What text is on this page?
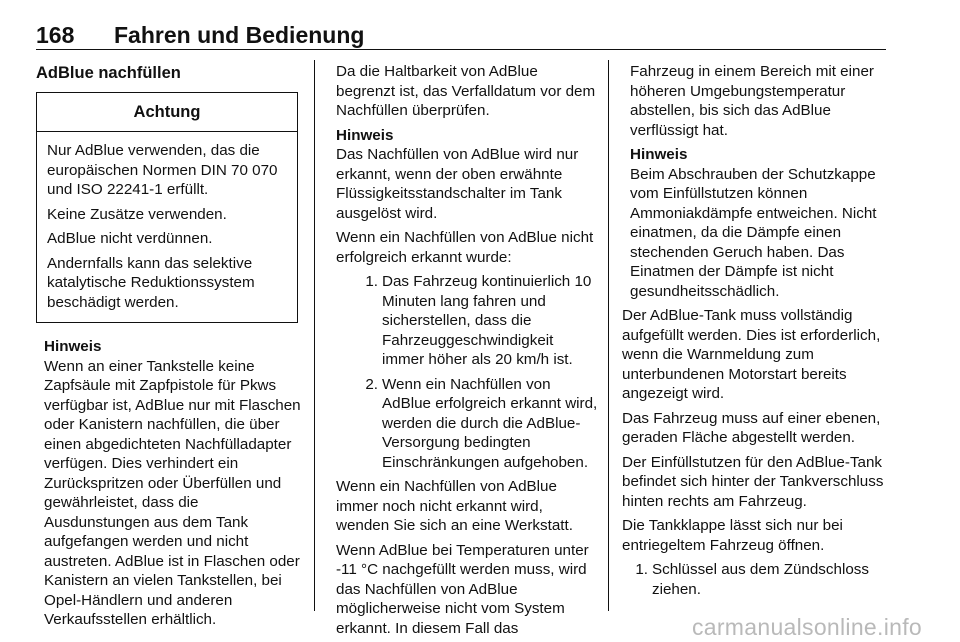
168 Fahren und Bedienung
AdBlue nachfüllen
Achtung

Nur AdBlue verwenden, das die europäischen Normen DIN 70 070 und ISO 22241-1 erfüllt.

Keine Zusätze verwenden.

AdBlue nicht verdünnen.

Andernfalls kann das selektive katalytische Reduktionssystem beschädigt werden.

Hinweis

Wenn an einer Tankstelle keine Zapfsäule mit Zapfpistole für Pkws verfügbar ist, AdBlue nur mit Flaschen oder Kanistern nachfüllen, die über einen abgedichteten Nachfülladapter verfügen. Dies verhindert ein Zurückspritzen oder Überfüllen und gewährleistet, dass die Ausdunstungen aus dem Tank aufgefangen werden und nicht austreten. AdBlue ist in Flaschen oder Kanistern an vielen Tankstellen, bei Opel-Händlern und anderen Verkaufsstellen erhältlich.

Da die Haltbarkeit von AdBlue begrenzt ist, das Verfalldatum vor dem Nachfüllen überprüfen.

Hinweis

Das Nachfüllen von AdBlue wird nur erkannt, wenn der oben erwähnte Flüssigkeitsstandschalter im Tank ausgelöst wird.

Wenn ein Nachfüllen von AdBlue nicht erfolgreich erkannt wurde:

1. Das Fahrzeug kontinuierlich 10 Minuten lang fahren und sicherstellen, dass die Fahrzeuggeschwindigkeit immer höher als 20 km/h ist.
2. Wenn ein Nachfüllen von AdBlue erfolgreich erkannt wird, werden die durch die AdBlue-Versorgung bedingten Einschränkungen aufgehoben.

Wenn ein Nachfüllen von AdBlue immer noch nicht erkannt wird, wenden Sie sich an eine Werkstatt.

Wenn AdBlue bei Temperaturen unter -11 °C nachgefüllt werden muss, wird das Nachfüllen von AdBlue möglicherweise nicht vom System erkannt. In diesem Fall das

Fahrzeug in einem Bereich mit einer höheren Umgebungstemperatur abstellen, bis sich das AdBlue verflüssigt hat.

Hinweis

Beim Abschrauben der Schutzkappe vom Einfüllstutzen können Ammoniakdämpfe entweichen. Nicht einatmen, da die Dämpfe einen stechenden Geruch haben. Das Einatmen der Dämpfe ist nicht gesundheitsschädlich.

Der AdBlue-Tank muss vollständig aufgefüllt werden. Dies ist erforderlich, wenn die Warnmeldung zum unterbundenen Motorstart bereits angezeigt wird.

Das Fahrzeug muss auf einer ebenen, geraden Fläche abgestellt werden.

Der Einfüllstutzen für den AdBlue-Tank befindet sich hinter der Tankverschluss hinten rechts am Fahrzeug.

Die Tankklappe lässt sich nur bei entriegeltem Fahrzeug öffnen.

1. Schlüssel aus dem Zündschloss ziehen.
carmanualsonline.info
